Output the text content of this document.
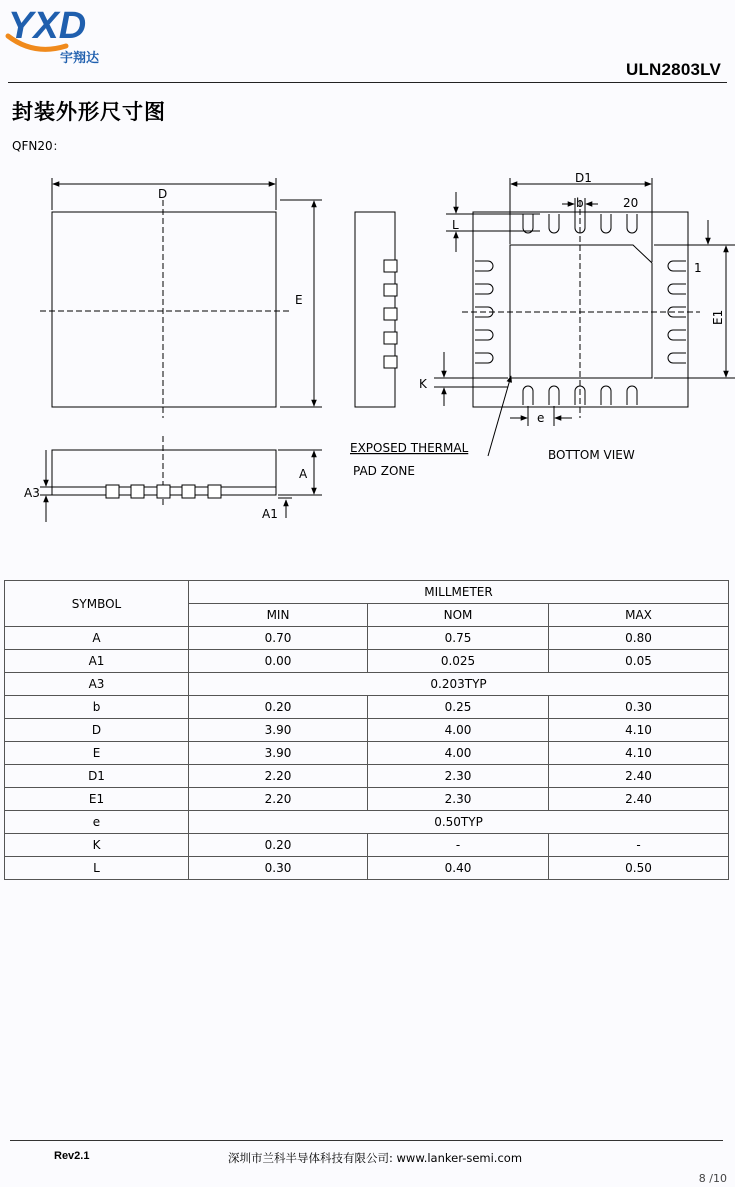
YXD
宇翔达
ULN2803LV
封装外形尺寸图
QFN20：
D
E
A
A1
A3
D1
b	20
1
E1
L
K
e
EXPOSED THERMAL
PAD ZONE
BOTTOM VIEW
SYMBOL	MILLMETER		
	MIN	NOM	MAX
A	0.70	0.75	0.80
A1	0.00	0.025	0.05
A3	0.203TYP		
b	0.20	0.25	0.30
D	3.90	4.00	4.10
E	3.90	4.00	4.10
D1	2.20	2.30	2.40
E1	2.20	2.30	2.40
e	0.50TYP		
K	0.20	-	-
L	0.30	0.40	0.50
Rev2.1	深圳市兰科半导体科技有限公司: www.lanker-semi.com
8 /10
